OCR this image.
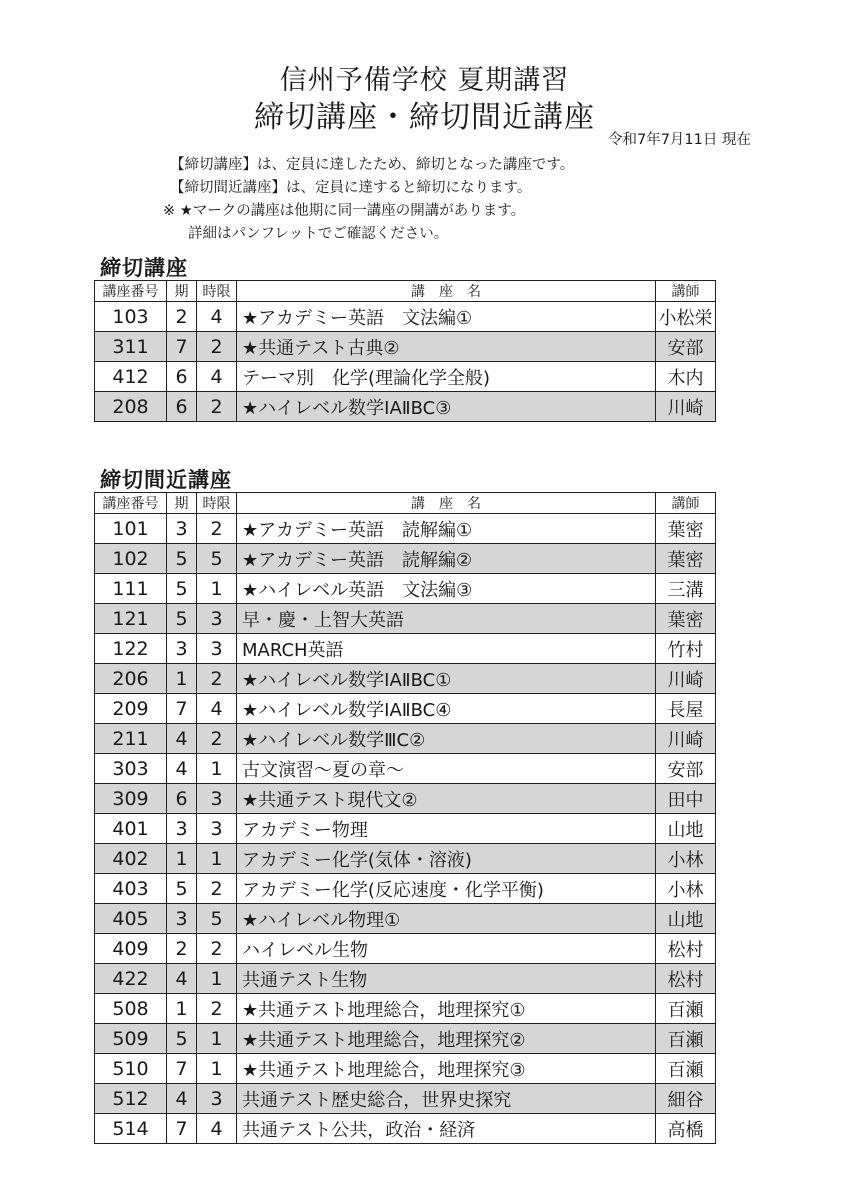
信州予備学校 夏期講習
締切講座・締切間近講座
令和7年7月11日 現在
【締切講座】は、定員に達したため、締切となった講座です。
【締切間近講座】は、定員に達すると締切になります。
※ ★マークの講座は他期に同一講座の開講があります。
詳細はパンフレットでご確認ください。
締切講座
講座番号	期	時限	講　座　名	講師
103	2	4	★アカデミー英語　文法編①	小松栄
311	7	2	★共通テスト古典②	安部
412	6	4	テーマ別　化学(理論化学全般)	木内
208	6	2	★ハイレベル数学ⅠAⅡBC③	川崎
締切間近講座
講座番号	期	時限	講　座　名	講師
101	3	2	★アカデミー英語　読解編①	葉密
102	5	5	★アカデミー英語　読解編②	葉密
111	5	1	★ハイレベル英語　文法編③	三溝
121	5	3	早・慶・上智大英語	葉密
122	3	3	MARCH英語	竹村
206	1	2	★ハイレベル数学ⅠAⅡBC①	川崎
209	7	4	★ハイレベル数学ⅠAⅡBC④	長屋
211	4	2	★ハイレベル数学ⅢC②	川崎
303	4	1	古文演習～夏の章～	安部
309	6	3	★共通テスト現代文②	田中
401	3	3	アカデミー物理	山地
402	1	1	アカデミー化学(気体・溶液)	小林
403	5	2	アカデミー化学(反応速度・化学平衡)	小林
405	3	5	★ハイレベル物理①	山地
409	2	2	ハイレベル生物	松村
422	4	1	共通テスト生物	松村
508	1	2	★共通テスト地理総合，地理探究①	百瀬
509	5	1	★共通テスト地理総合，地理探究②	百瀬
510	7	1	★共通テスト地理総合，地理探究③	百瀬
512	4	3	共通テスト歴史総合，世界史探究	細谷
514	7	4	共通テスト公共，政治・経済	高橋
